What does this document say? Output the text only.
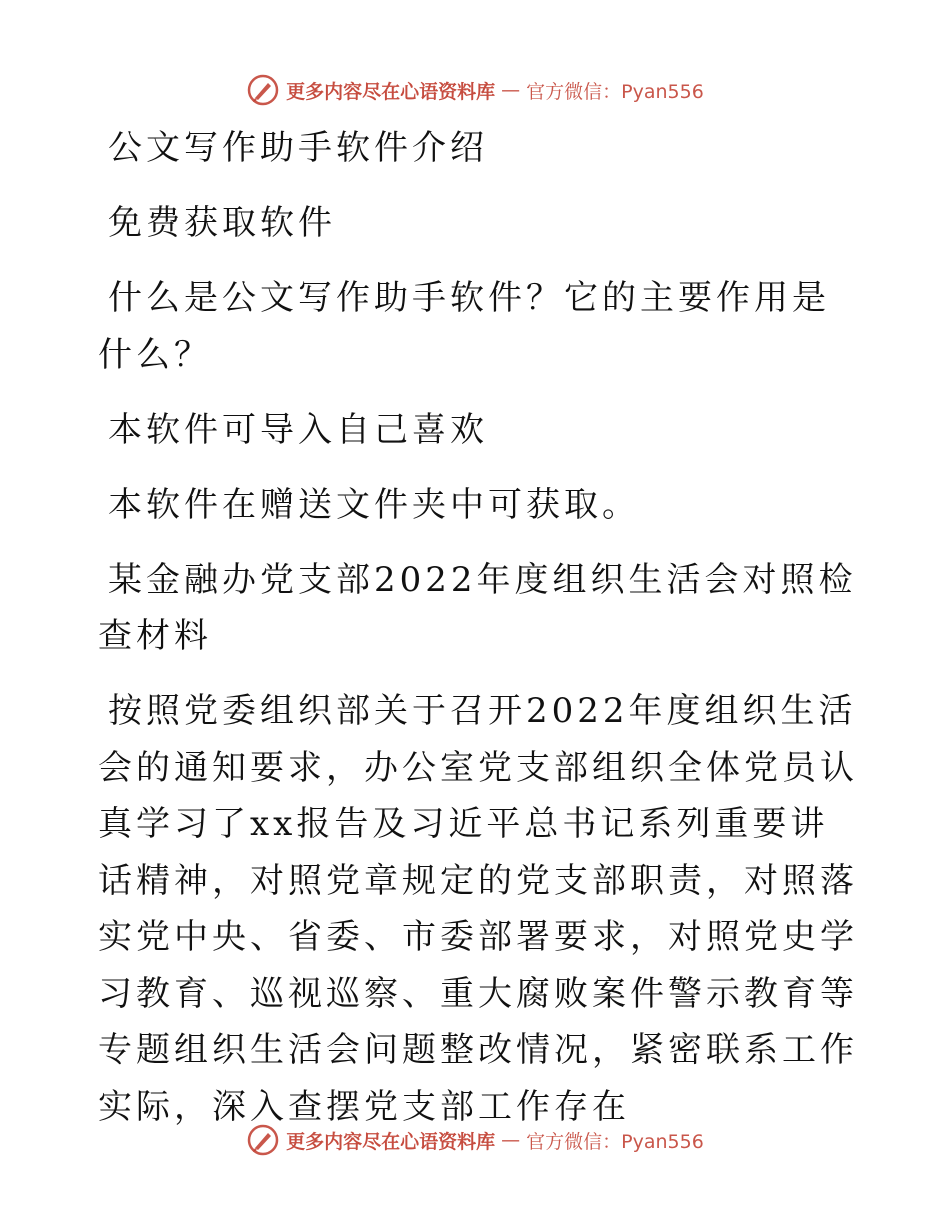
更多内容尽在心语资料库 — 官方微信：Pyan556

公文写作助手软件介绍

免费获取软件

什么是公文写作助手软件？它的主要作用是什么？

本软件可导入自己喜欢

本软件在赠送文件夹中可获取。

某金融办党支部2022年度组织生活会对照检查材料

按照党委组织部关于召开2022年度组织生活会的通知要求，办公室党支部组织全体党员认真学习了xx报告及习近平总书记系列重要讲话精神，对照党章规定的党支部职责，对照落实党中央、省委、市委部署要求，对照党史学习教育、巡视巡察、重大腐败案件警示教育等专题组织生活会问题整改情况，紧密联系工作实际，深入查摆党支部工作存在

更多内容尽在心语资料库 — 官方微信：Pyan556
